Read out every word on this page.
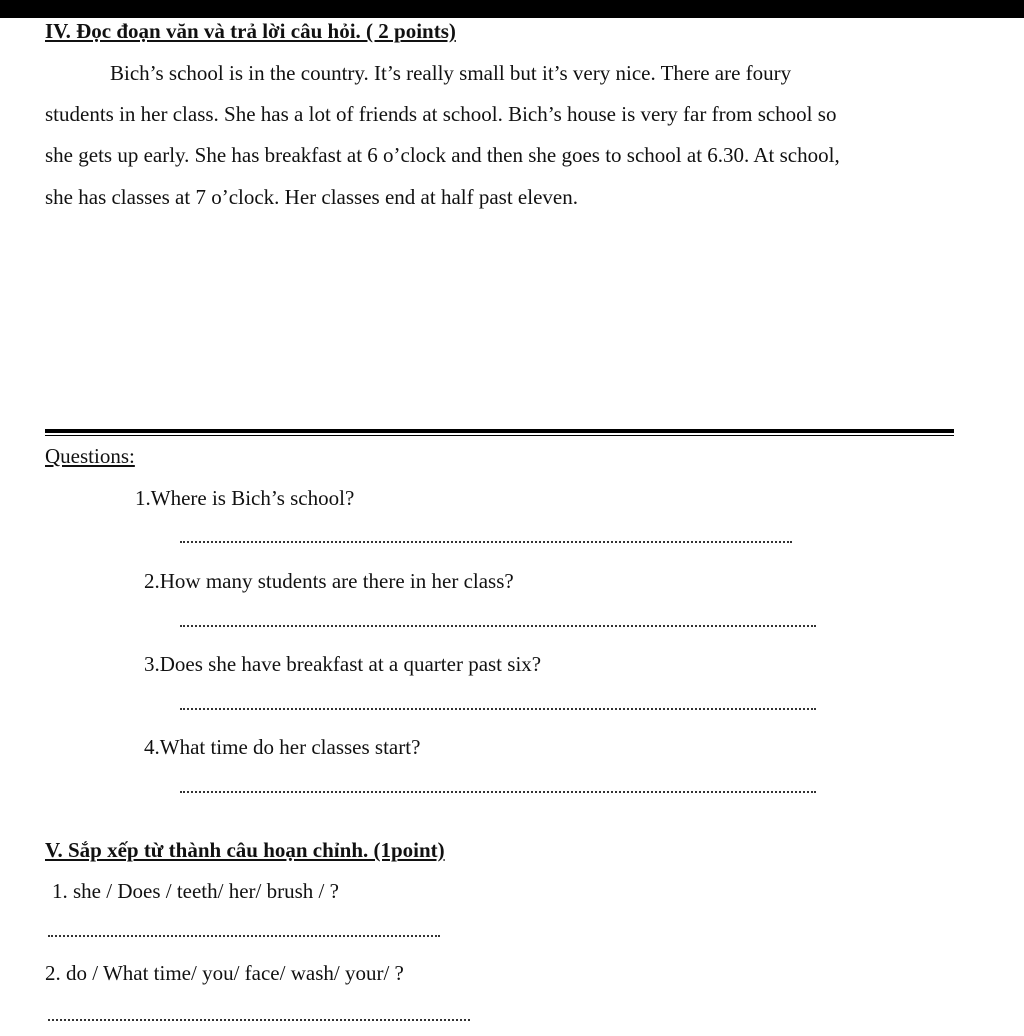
IV. Đọc đoạn văn và trả lời câu hỏi. ( 2 points)
Bich’s school is in the country. It’s really small but it’s very nice. There are foury
students in her class. She has a lot of friends at school. Bich’s house is very far from school so
she gets up early. She has breakfast at 6 o’clock and then she goes to school at 6.30. At school,
she has classes at 7 o’clock. Her classes end at half past eleven.
Questions:
1.Where is Bich’s school?
2.How many students are there in her class?
3.Does she have breakfast at a quarter past six?
4.What time do her classes start?
V. Sắp xếp từ thành câu hoạn chỉnh. (1point)
1. she / Does / teeth/ her/ brush / ?
2. do / What time/ you/ face/ wash/ your/ ?
